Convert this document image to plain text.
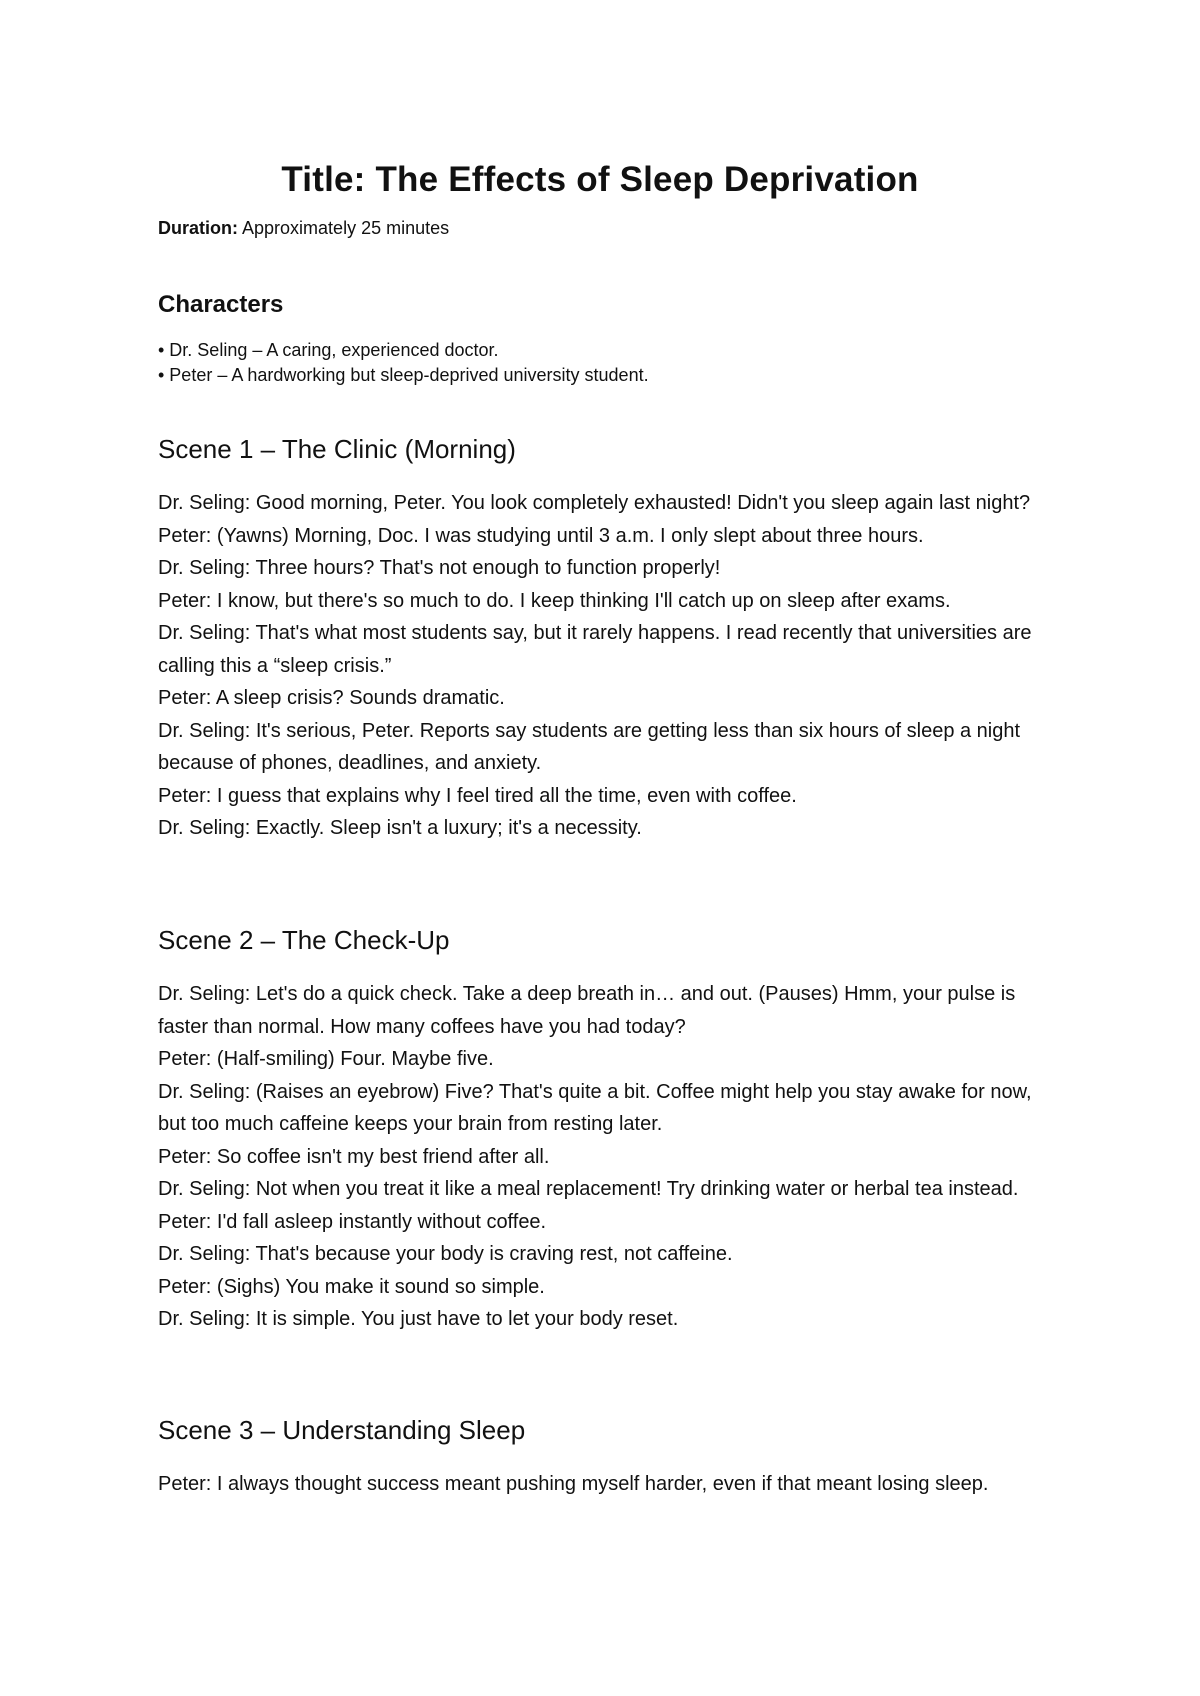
Title: The Effects of Sleep Deprivation

Duration: Approximately 25 minutes

Characters
• Dr. Seling – A caring, experienced doctor.
• Peter – A hardworking but sleep-deprived university student.
Scene 1 – The Clinic (Morning)

Dr. Seling: Good morning, Peter. You look completely exhausted! Didn't you sleep again last night?

Peter: (Yawns) Morning, Doc. I was studying until 3 a.m. I only slept about three hours.

Dr. Seling: Three hours? That's not enough to function properly!

Peter: I know, but there's so much to do. I keep thinking I'll catch up on sleep after exams.

Dr. Seling: That's what most students say, but it rarely happens. I read recently that universities are calling this a “sleep crisis.”

Peter: A sleep crisis? Sounds dramatic.

Dr. Seling: It's serious, Peter. Reports say students are getting less than six hours of sleep a night because of phones, deadlines, and anxiety.

Peter: I guess that explains why I feel tired all the time, even with coffee.

Dr. Seling: Exactly. Sleep isn't a luxury; it's a necessity.

Scene 2 – The Check-Up

Dr. Seling: Let's do a quick check. Take a deep breath in… and out. (Pauses) Hmm, your pulse is faster than normal. How many coffees have you had today?

Peter: (Half-smiling) Four. Maybe five.

Dr. Seling: (Raises an eyebrow) Five? That's quite a bit. Coffee might help you stay awake for now, but too much caffeine keeps your brain from resting later.

Peter: So coffee isn't my best friend after all.

Dr. Seling: Not when you treat it like a meal replacement! Try drinking water or herbal tea instead.

Peter: I'd fall asleep instantly without coffee.

Dr. Seling: That's because your body is craving rest, not caffeine.

Peter: (Sighs) You make it sound so simple.

Dr. Seling: It is simple. You just have to let your body reset.

Scene 3 – Understanding Sleep

Peter: I always thought success meant pushing myself harder, even if that meant losing sleep.
